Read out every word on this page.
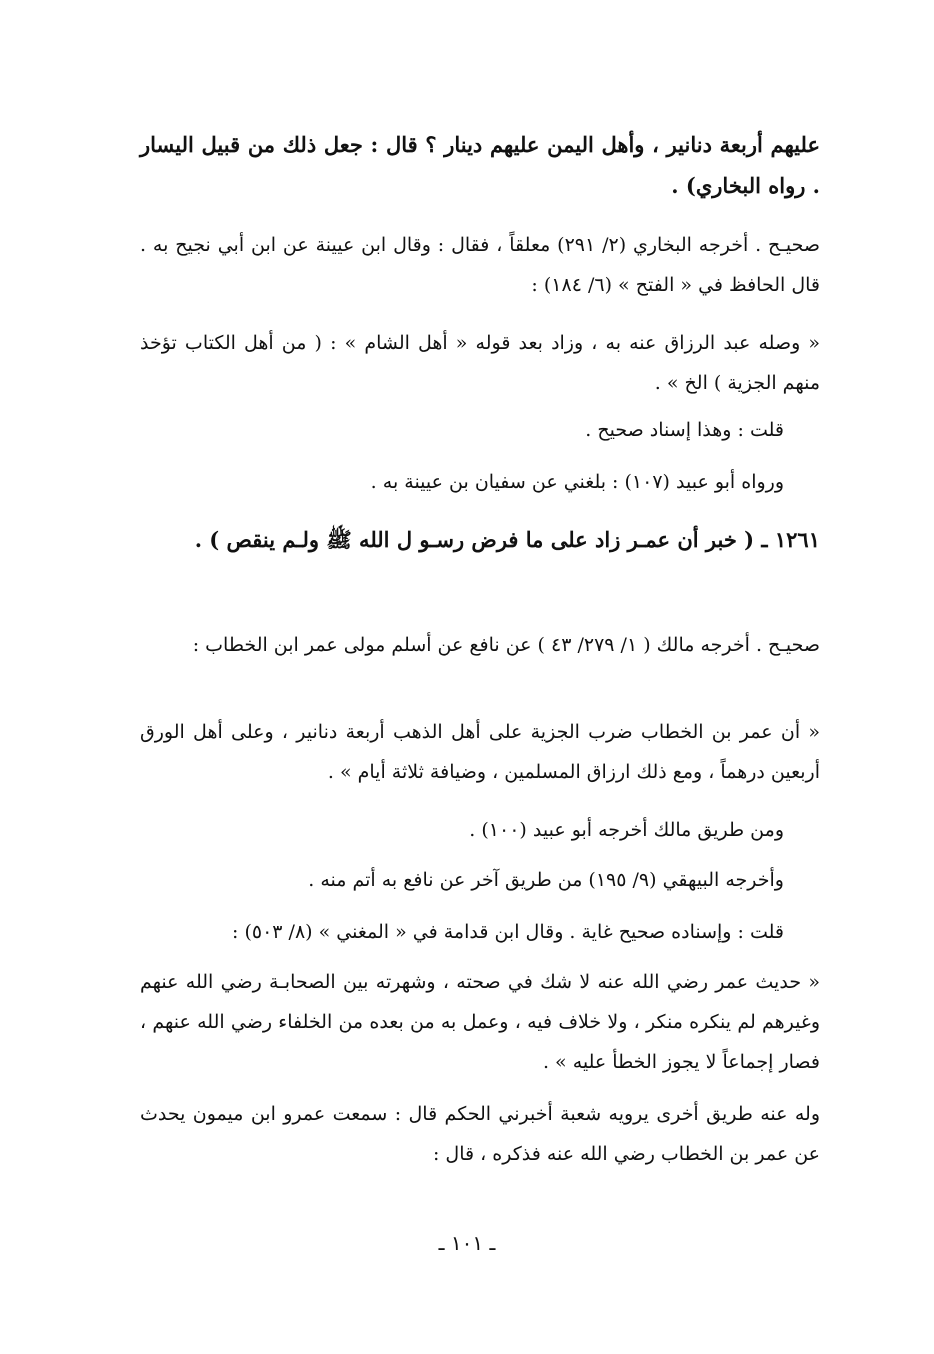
عليهم أربعة دنانير ، وأهل اليمن عليهم دينار ؟ قال : جعل ذلك من قبيل اليسار . رواه البخاري) .

صحيـح . أخرجه البخاري (٢/ ٢٩١) معلقاً ، فقال : وقال ابن عيينة عن ابن أبي نجيح به . قال الحافظ في « الفتح » (٦/ ١٨٤) :

« وصله عبد الرزاق عنه به ، وزاد بعد قوله « أهل الشام » : ( من أهل الكتاب تؤخذ منهم الجزية ) الخ » .

قلت : وهذا إسناد صحيح .

ورواه أبو عبيد (١٠٧) : بلغني عن سفيان بن عيينة به .

١٢٦١ ـ ( خبر أن عمـر زاد على ما فرض رسـو ل الله ﷺ ولـم ينقص ) .

صحيـح . أخرجه مالك ( ١/ ٢٧٩/ ٤٣ ) عن نافع عن أسلم مولى عمر ابن الخطاب :

« أن عمر بن الخطاب ضرب الجزية على أهل الذهب أربعة دنانير ، وعلى أهل الورق أربعين درهماً ، ومع ذلك ارزاق المسلمين ، وضيافة ثلاثة أيام » .

ومن طريق مالك أخرجه أبو عبيد (١٠٠) .

وأخرجه البيهقي (٩/ ١٩٥) من طريق آخر عن نافع به أتم منه .

قلت : وإسناده صحيح غاية . وقال ابن قدامة في « المغني » (٨/ ٥٠٣) :

« حديث عمر رضي الله عنه لا شك في صحته ، وشهرته بين الصحابـة رضي الله عنهم وغيرهم لم ينكره منكر ، ولا خلاف فيه ، وعمل به من بعده من الخلفاء رضي الله عنهم ، فصار إجماعاً لا يجوز الخطأ عليه » .

وله عنه طريق أخرى يرويه شعبة أخبرني الحكم قال : سمعت عمرو ابن ميمون يحدث عن عمر بن الخطاب رضي الله عنه فذكره ، قال :

ـ ١٠١ ـ
